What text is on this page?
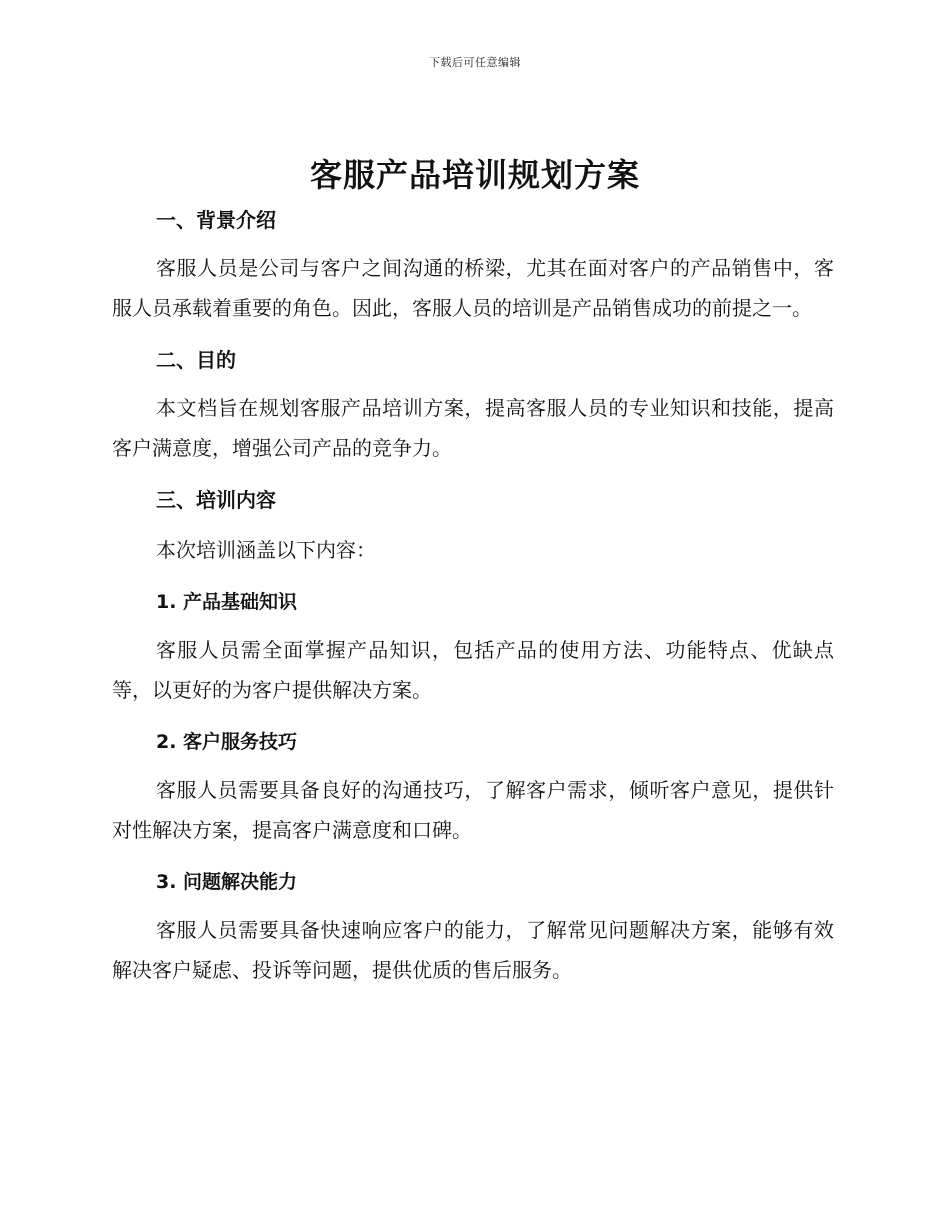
下载后可任意编辑
客服产品培训规划方案
一、背景介绍

客服人员是公司与客户之间沟通的桥梁，尤其在面对客户的产品销售中，客服人员承载着重要的角色。因此，客服人员的培训是产品销售成功的前提之一。

二、目的

本文档旨在规划客服产品培训方案，提高客服人员的专业知识和技能，提高客户满意度，增强公司产品的竞争力。

三、培训内容

本次培训涵盖以下内容：

1. 产品基础知识

客服人员需全面掌握产品知识，包括产品的使用方法、功能特点、优缺点等，以更好的为客户提供解决方案。

2. 客户服务技巧

客服人员需要具备良好的沟通技巧，了解客户需求，倾听客户意见，提供针对性解决方案，提高客户满意度和口碑。

3. 问题解决能力

客服人员需要具备快速响应客户的能力，了解常见问题解决方案，能够有效解决客户疑虑、投诉等问题，提供优质的售后服务。
